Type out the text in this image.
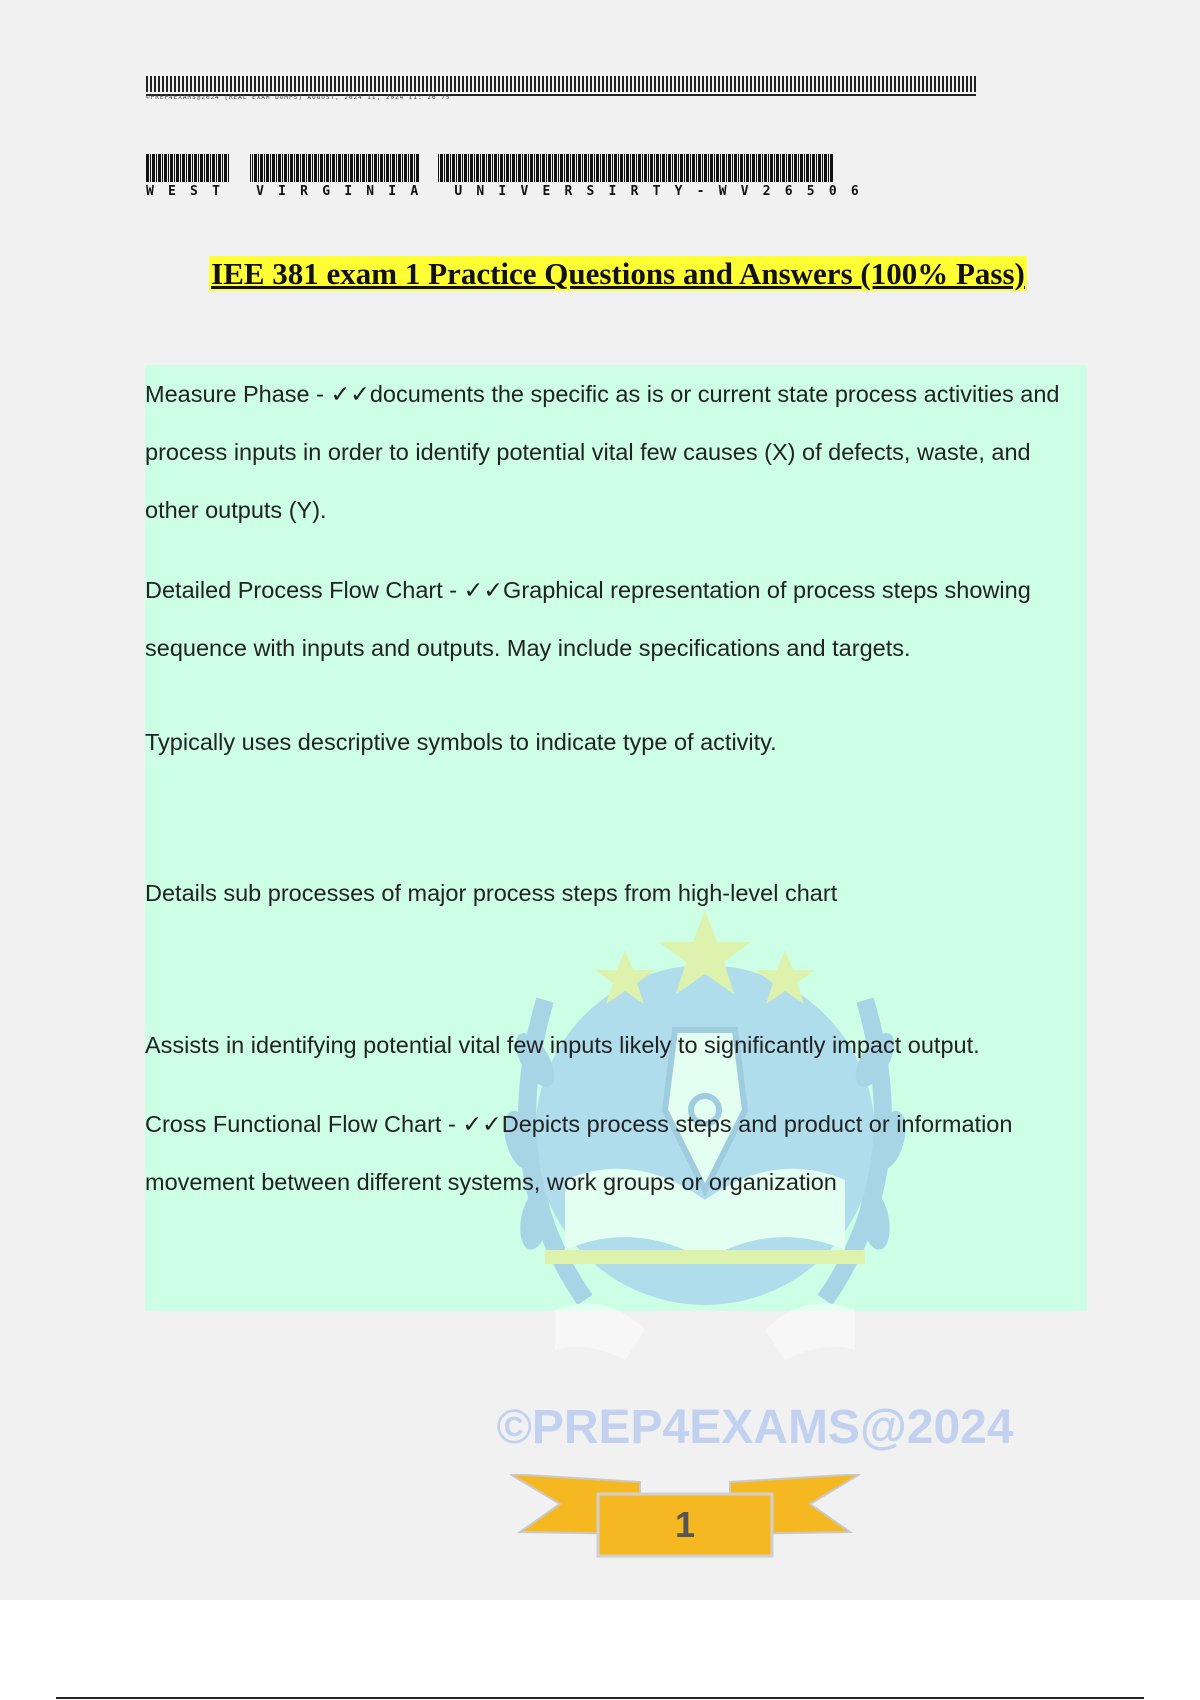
©PREP4EXAMS@2024 [REAL EXAM DUMPS] AUGUST, 2024 II, 2024 II: 26 75
WEST VIRGINIA UNIVERSIRTY-WV26506
IEE 381 exam 1 Practice Questions and Answers (100% Pass)
©PREP4EXAMS@2024
Measure Phase - ✓✓documents the specific as is or current state process activities and process inputs in order to identify potential vital few causes (X) of defects, waste, and other outputs (Y).
Detailed Process Flow Chart - ✓✓Graphical representation of process steps showing sequence with inputs and outputs. May include specifications and targets.
Typically uses descriptive symbols to indicate type of activity.
Details sub processes of major process steps from high-level chart
Assists in identifying potential vital few inputs likely to significantly impact output.
Cross Functional Flow Chart - ✓✓Depicts process steps and product or information movement between different systems, work groups or organization
1
